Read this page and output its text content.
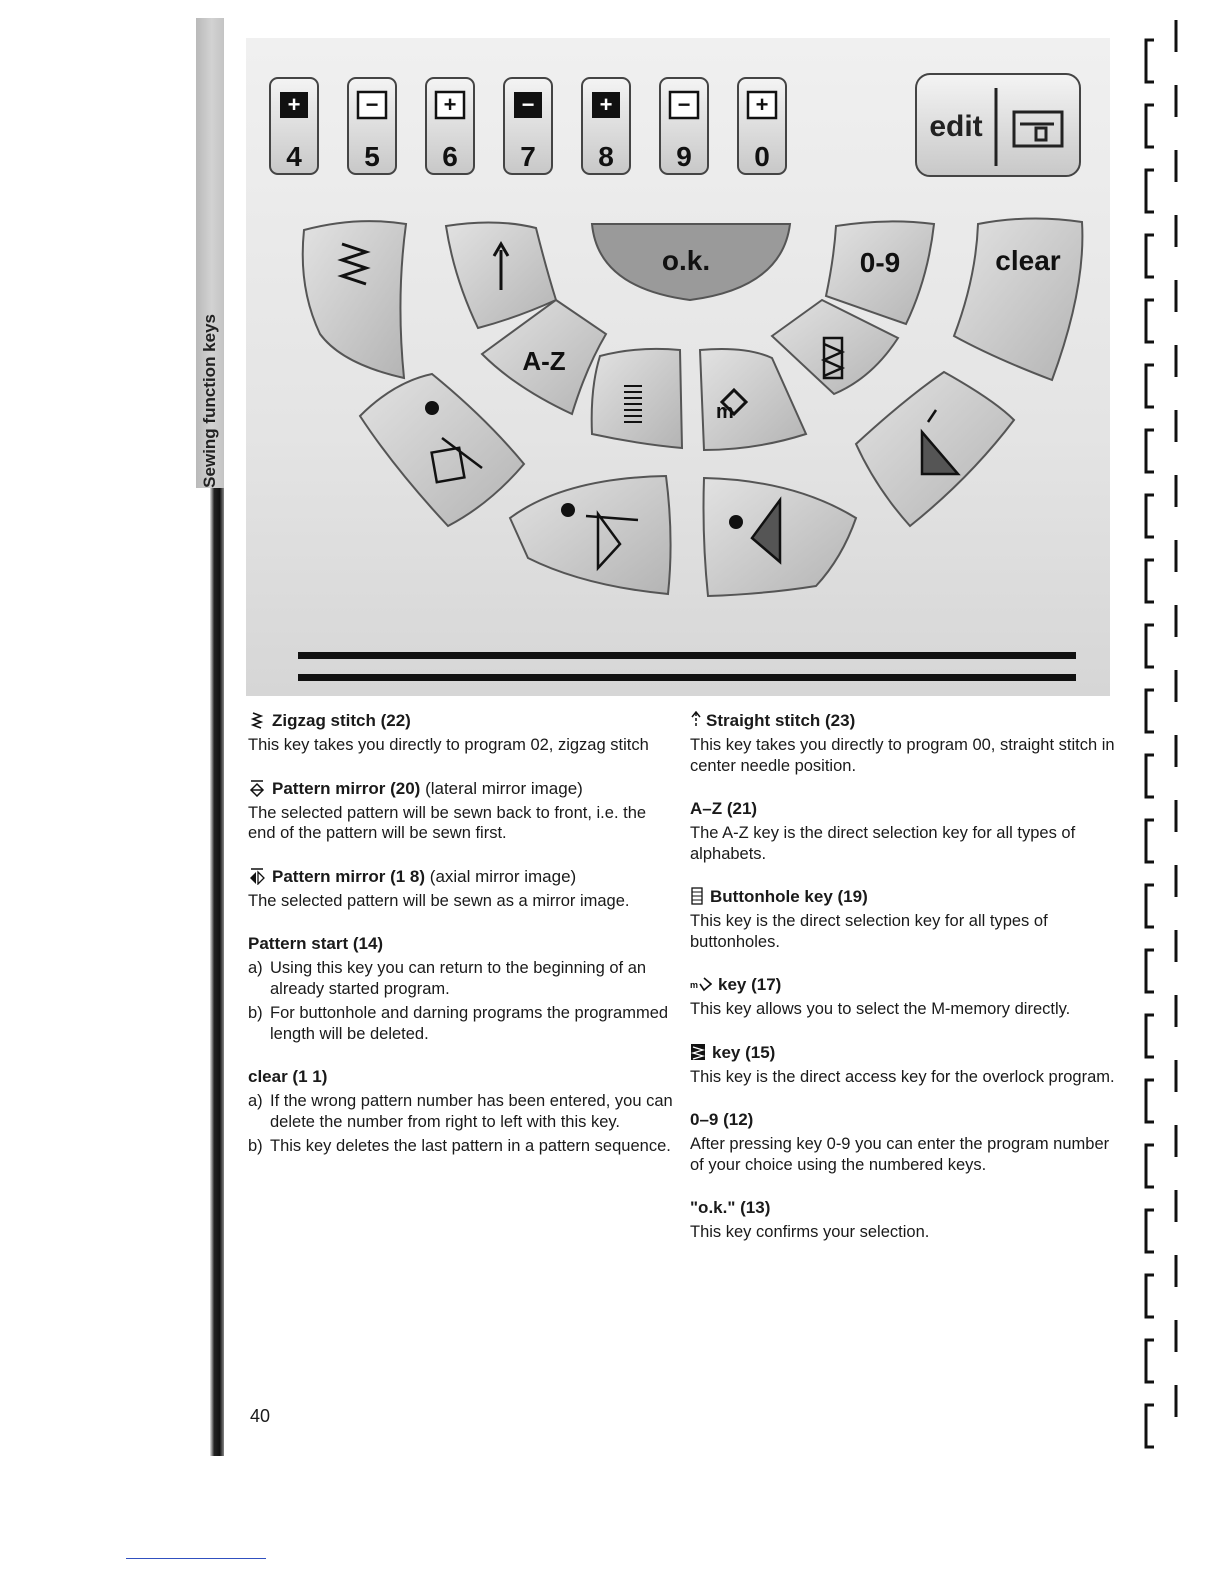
Sewing function keys
+
4
−
5
+
6
−
7
+
8
−
9
+
0
edit
o.k.	0-9	clear
A-Z
m
Zigzag stitch (22)

This key takes you directly to program 02, zigzag stitch

Pattern mirror (20) (lateral mirror image)

The selected pattern will be sewn back to front, i.e. the end of the pattern will be sewn first.

Pattern mirror (1 8) (axial mirror image)

The selected pattern will be sewn as a mirror image.

Pattern start (14)
a) Using this key you can return to the beginning of an already started program.
b) For buttonhole and darning programs the programmed length will be deleted.
clear (1 1)
a) If the wrong pattern number has been entered, you can delete the number from right to left with this key.
b) This key deletes the last pattern in a pattern sequence.
Straight stitch (23)

This key takes you directly to program 00, straight stitch in center needle position.

A–Z (21)

The A-Z key is the direct selection key for all types of alphabets.

Buttonhole key (19)

This key is the direct selection key for all types of buttonholes.

m key (17)

This key allows you to select the M-memory directly.

key (15)

This key is the direct access key for the overlock program.

0–9 (12)

After pressing key 0-9 you can enter the program number of your choice using the numbered keys.

"o.k." (13)

This key confirms your selection.

40
